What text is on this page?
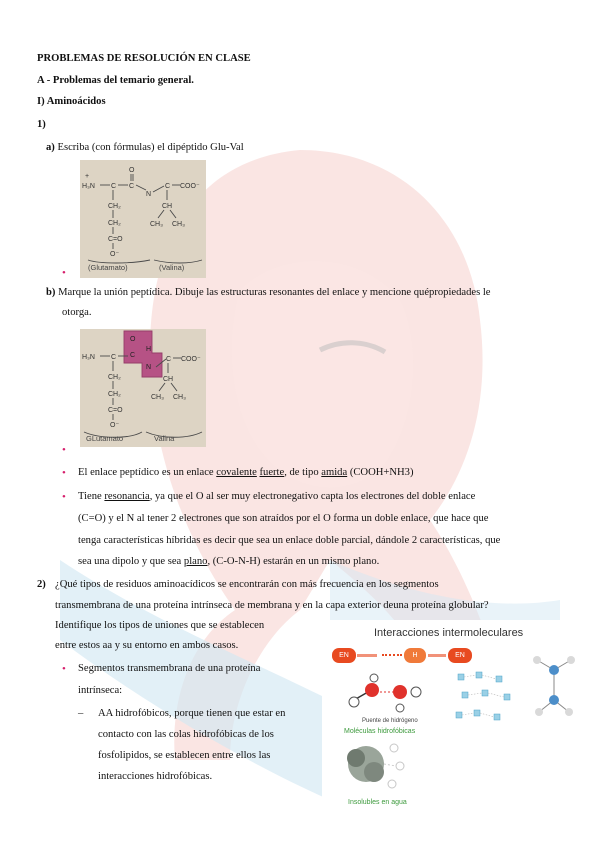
PROBLEMAS DE RESOLUCIÓN EN CLASE
A - Problemas del temario general.
I) Aminoácidos
1)
a) Escriba (con fórmulas) el dipéptido Glu-Val
H₃N
+
C C
O
N
C COO⁻
CH₂
CH₂
C=O
O⁻
CH
CH₃ CH₃
(Glutamato)	(Valina)
•
b) Marque la unión peptídica. Dibuje las estructuras resonantes del enlace y mencione quépropiedades le
otorga.
H₃N C C
O
N
H
C COO⁻
CH₂
CH₂
C=O
O⁻
CH
CH₃ CH₃
GLutamato	Valina
•
• El enlace peptídico es un enlace covalente fuerte, de tipo amida (COOH+NH3)
• Tiene resonancia, ya que el O al ser muy electronegativo capta los electrones del doble enlace
(C=O) y el N al tener 2 electrones que son atraídos por el O forma un doble enlace, que hace que
tenga características híbridas es decir que sea un enlace doble parcial, dándole 2 características, que
sea una dipolo y que sea plano, (C-O-N-H) estarán en un mismo plano.
2) ¿Qué tipos de residuos aminoacídicos se encontrarán con más frecuencia en los segmentos
transmembrana de una proteína intrínseca de membrana y en la capa exterior deuna proteína globular?
Identifique los tipos de uniones que se establecen
entre estos aa y su entorno en ambos casos.
• Segmentos transmembrana de una proteína
intrínseca:
– AA hidrofóbicos, porque tienen que estar en
contacto con las colas hidrofóbicas de los
fosfolipidos, se establecen entre ellos las
interacciones hidrofóbicas.
Interacciones intermoleculares
EN	H	EN
Puente de hidrógeno
Moléculas hidrofóbicas
Insolubles en agua
